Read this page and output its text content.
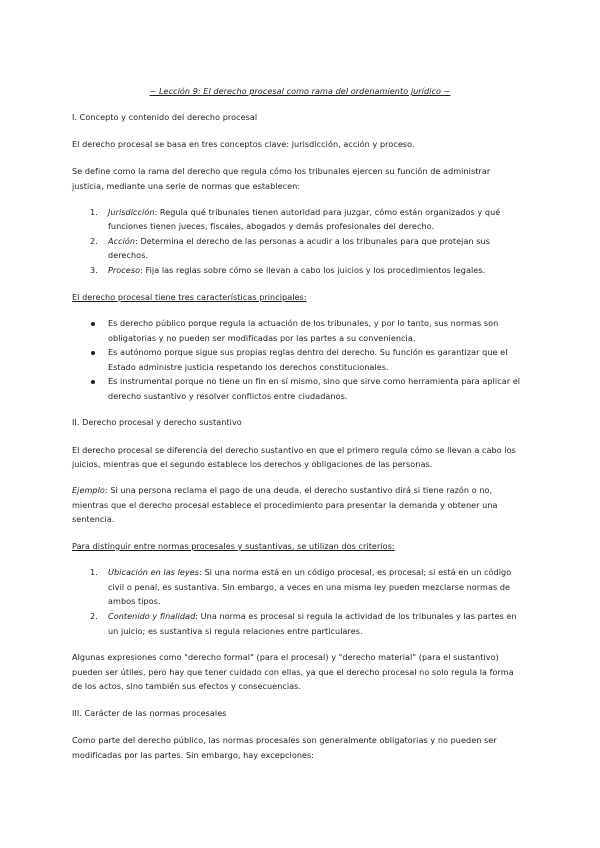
~ Lección 9: El derecho procesal como rama del ordenamiento jurídico ~
I. Concepto y contenido del derecho procesal
El derecho procesal se basa en tres conceptos clave: jurisdicción, acción y proceso.
Se define como la rama del derecho que regula cómo los tribunales ejercen su función de administrar
justicia, mediante una serie de normas que establecen:
1. Jurisdicción: Regula qué tribunales tienen autoridad para juzgar, cómo están organizados y qué
funciones tienen jueces, fiscales, abogados y demás profesionales del derecho.
2. Acción: Determina el derecho de las personas a acudir a los tribunales para que protejan sus
derechos.
3. Proceso: Fija las reglas sobre cómo se llevan a cabo los juicios y los procedimientos legales.
El derecho procesal tiene tres características principales:
Es derecho público porque regula la actuación de los tribunales, y por lo tanto, sus normas son
obligatorias y no pueden ser modificadas por las partes a su conveniencia.
Es autónomo porque sigue sus propias reglas dentro del derecho. Su función es garantizar que el
Estado administre justicia respetando los derechos constitucionales.
Es instrumental porque no tiene un fin en sí mismo, sino que sirve como herramienta para aplicar el
derecho sustantivo y resolver conflictos entre ciudadanos.
II. Derecho procesal y derecho sustantivo
El derecho procesal se diferencia del derecho sustantivo en que el primero regula cómo se llevan a cabo los
juicios, mientras que el segundo establece los derechos y obligaciones de las personas.
Ejemplo: Si una persona reclama el pago de una deuda, el derecho sustantivo dirá si tiene razón o no,
mientras que el derecho procesal establece el procedimiento para presentar la demanda y obtener una
sentencia.
Para distinguir entre normas procesales y sustantivas, se utilizan dos criterios:
1. Ubicación en las leyes: Si una norma está en un código procesal, es procesal; si está en un código
civil o penal, es sustantiva. Sin embargo, a veces en una misma ley pueden mezclarse normas de
ambos tipos.
2. Contenido y finalidad: Una norma es procesal si regula la actividad de los tribunales y las partes en
un juicio; es sustantiva si regula relaciones entre particulares.
Algunas expresiones como "derecho formal" (para el procesal) y "derecho material" (para el sustantivo)
pueden ser útiles, pero hay que tener cuidado con ellas, ya que el derecho procesal no solo regula la forma
de los actos, sino también sus efectos y consecuencias.
III. Carácter de las normas procesales
Como parte del derecho público, las normas procesales son generalmente obligatorias y no pueden ser
modificadas por las partes. Sin embargo, hay excepciones:
